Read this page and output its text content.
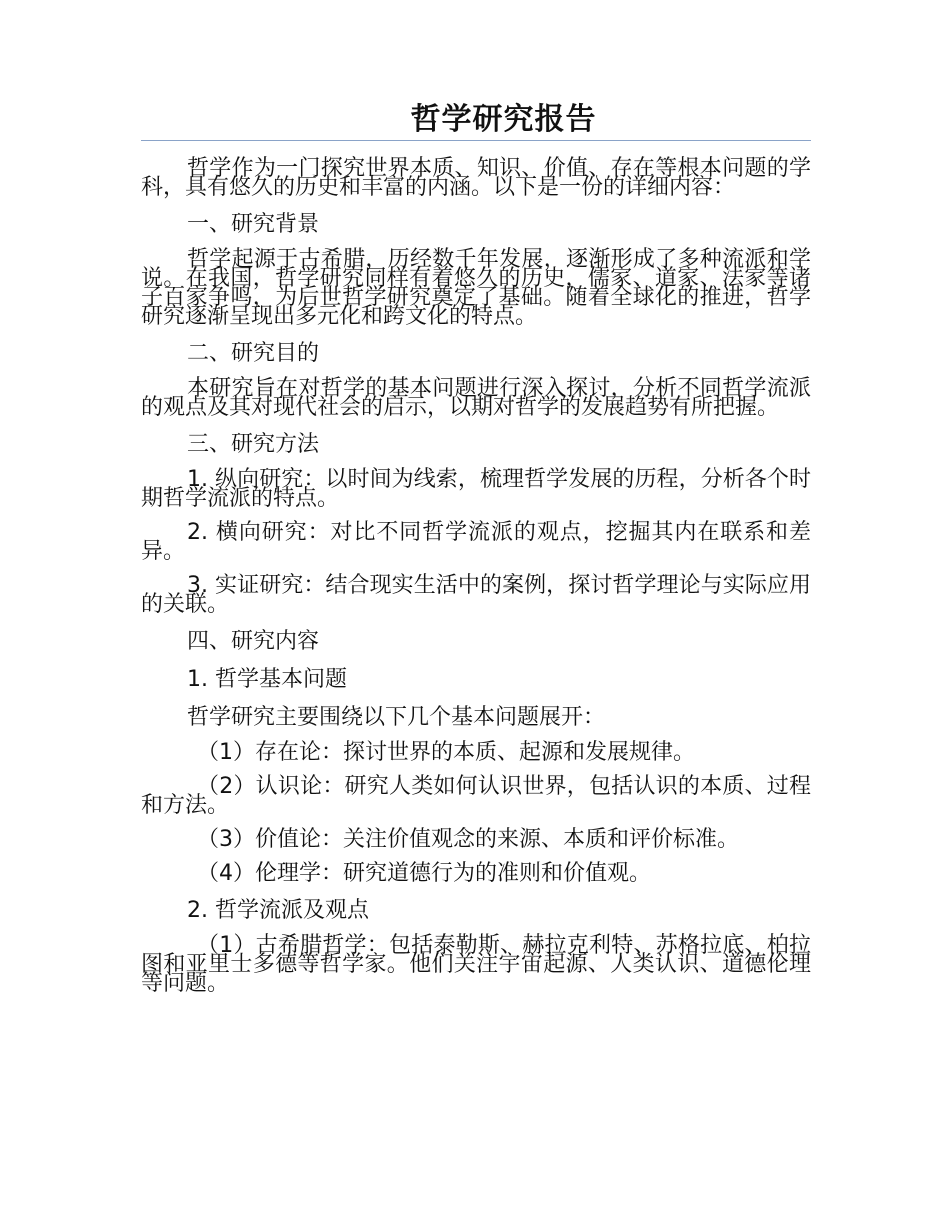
哲学研究报告

哲学作为一门探究世界本质、知识、价值、存在等根本问题的学科，具有悠久的历史和丰富的内涵。以下是一份的详细内容：

一、研究背景

哲学起源于古希腊，历经数千年发展，逐渐形成了多种流派和学说。在我国，哲学研究同样有着悠久的历史，儒家、道家、法家等诸子百家争鸣，为后世哲学研究奠定了基础。随着全球化的推进，哲学研究逐渐呈现出多元化和跨文化的特点。

二、研究目的

本研究旨在对哲学的基本问题进行深入探讨，分析不同哲学流派的观点及其对现代社会的启示，以期对哲学的发展趋势有所把握。

三、研究方法

1. 纵向研究：以时间为线索，梳理哲学发展的历程，分析各个时期哲学流派的特点。

2. 横向研究：对比不同哲学流派的观点，挖掘其内在联系和差异。

3. 实证研究：结合现实生活中的案例，探讨哲学理论与实际应用的关联。

四、研究内容

1. 哲学基本问题

哲学研究主要围绕以下几个基本问题展开：

（1）存在论：探讨世界的本质、起源和发展规律。

（2）认识论：研究人类如何认识世界，包括认识的本质、过程和方法。

（3）价值论：关注价值观念的来源、本质和评价标准。

（4）伦理学：研究道德行为的准则和价值观。

2. 哲学流派及观点

（1）古希腊哲学：包括泰勒斯、赫拉克利特、苏格拉底、柏拉图和亚里士多德等哲学家。他们关注宇宙起源、人类认识、道德伦理等问题。
